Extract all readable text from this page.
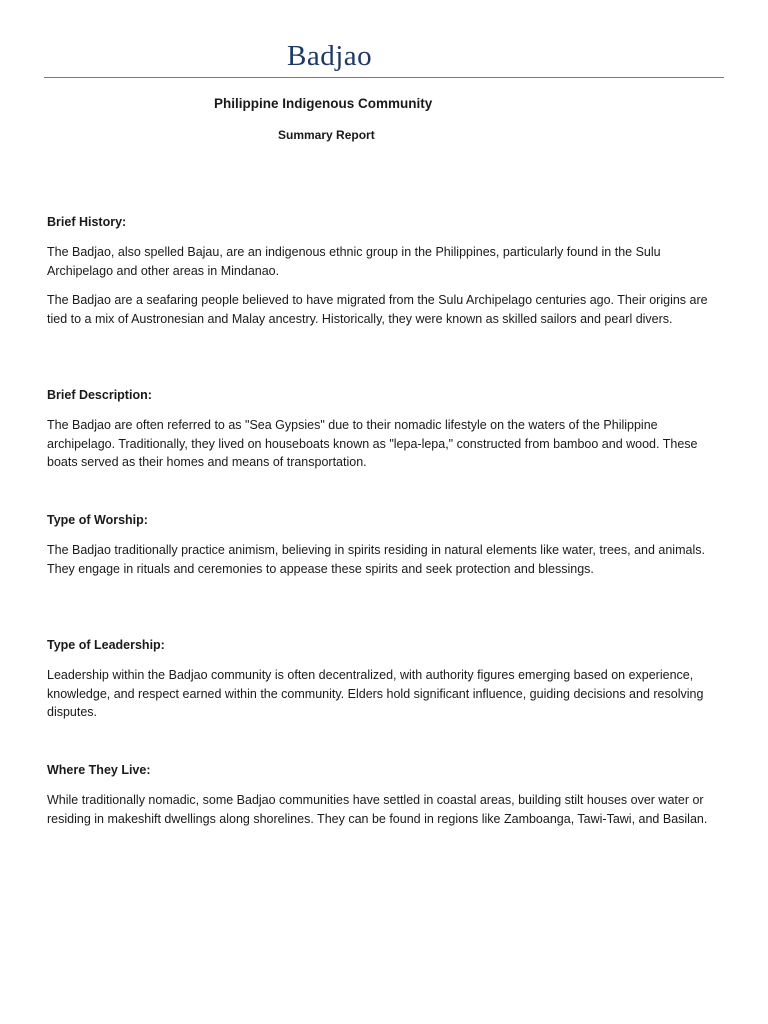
Badjao
Philippine Indigenous Community
Summary Report
Brief History:

The Badjao, also spelled Bajau, are an indigenous ethnic group in the Philippines, particularly found in the Sulu Archipelago and other areas in Mindanao.

The Badjao are a seafaring people believed to have migrated from the Sulu Archipelago centuries ago. Their origins are tied to a mix of Austronesian and Malay ancestry. Historically, they were known as skilled sailors and pearl divers.

Brief Description:

The Badjao are often referred to as "Sea Gypsies" due to their nomadic lifestyle on the waters of the Philippine archipelago. Traditionally, they lived on houseboats known as "lepa-lepa," constructed from bamboo and wood. These boats served as their homes and means of transportation.

Type of Worship:

The Badjao traditionally practice animism, believing in spirits residing in natural elements like water, trees, and animals. They engage in rituals and ceremonies to appease these spirits and seek protection and blessings.

Type of Leadership:

Leadership within the Badjao community is often decentralized, with authority figures emerging based on experience, knowledge, and respect earned within the community. Elders hold significant influence, guiding decisions and resolving disputes.

Where They Live:

While traditionally nomadic, some Badjao communities have settled in coastal areas, building stilt houses over water or residing in makeshift dwellings along shorelines. They can be found in regions like Zamboanga, Tawi-Tawi, and Basilan.
